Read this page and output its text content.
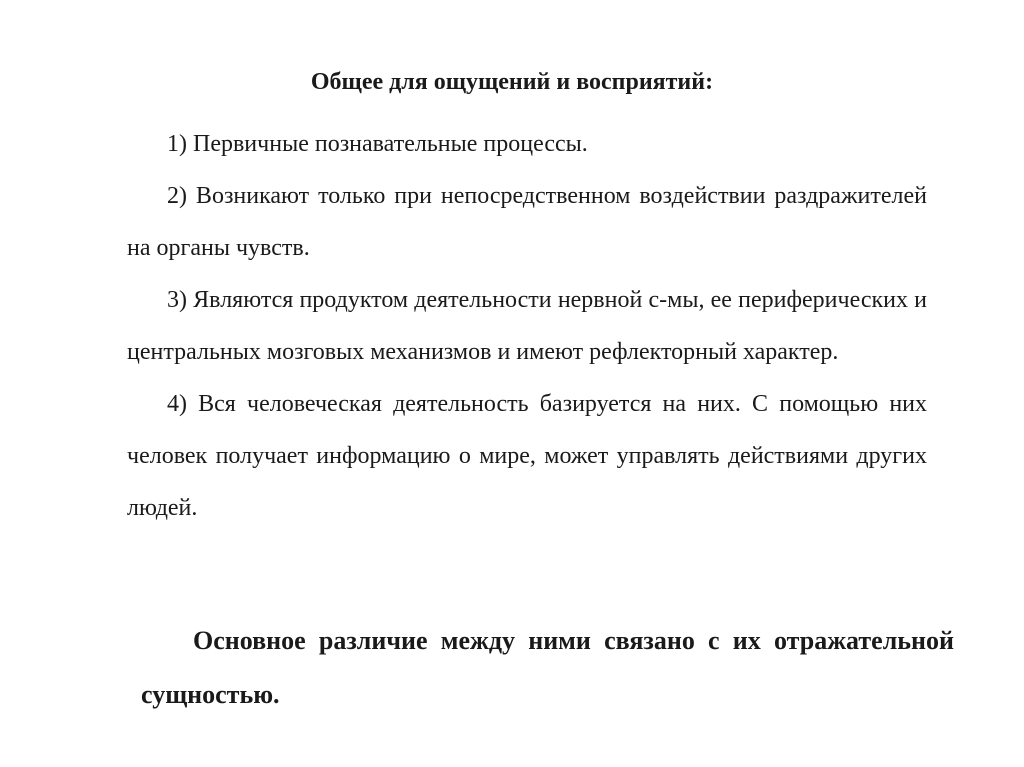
Общее для ощущений и восприятий:

1) Первичные познавательные процессы.

2) Возникают только при непосредственном воздействии раздражителей на органы чувств.

3) Являются продуктом деятельности нервной с-мы, ее периферических и центральных мозговых механизмов и имеют рефлекторный характер.

4) Вся человеческая деятельность базируется на них. С помощью них человек получает информацию о мире, может управлять действиями других людей.

Основное различие между ними связано с их отражательной сущностью.
